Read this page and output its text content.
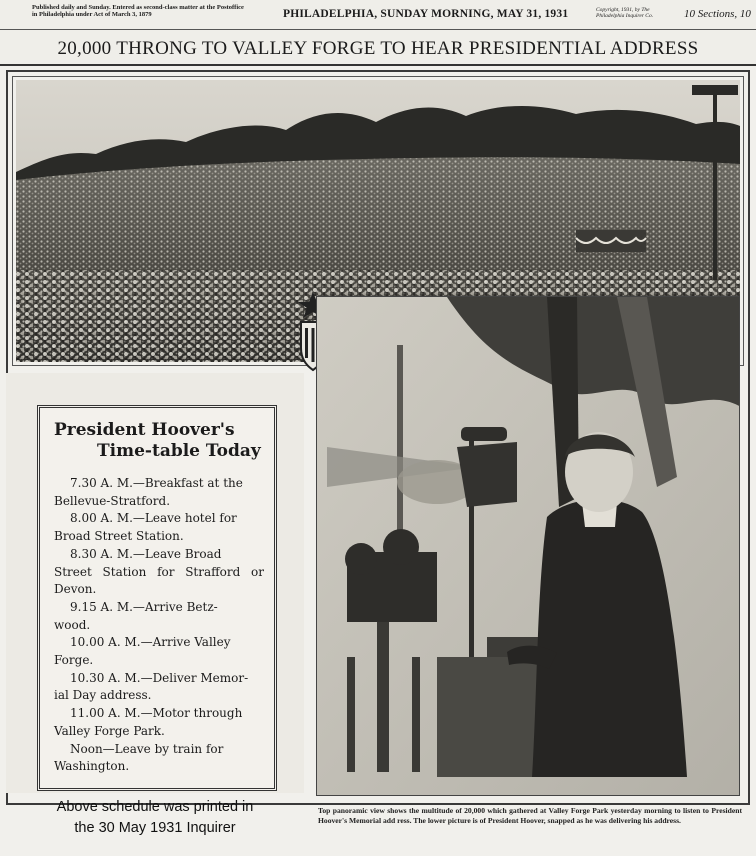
Published daily and Sunday. Entered as second-class matter at the Postoffice in Philadelphia under Act of March 3, 1879	PHILADELPHIA, SUNDAY MORNING, MAY 31, 1931	Copyright, 1931, by The Philadelphia Inquirer Co.	10 Sections, 10
20,000 THRONG TO VALLEY FORGE TO HEAR PRESIDENTIAL ADDRESS
President Hoover's
Time-table Today
7.30 A. M.—Breakfast at the
Bellevue-Stratford.
8.00 A. M.—Leave hotel for
Broad Street Station.
8.30 A. M.—Leave Broad
Street Station for Strafford or Devon.
9.15 A. M.—Arrive Betz-
wood.
10.00 A. M.—Arrive Valley
Forge.
10.30 A. M.—Deliver Memor-
ial Day address.
11.00 A. M.—Motor through
Valley Forge Park.
Noon—Leave by train for
Washington.
Above schedule was printed in
the 30 May 1931 Inquirer
Top panoramic view shows the multitude of 20,000 which gathered at Valley Forge Park yesterday morning to listen to President Hoover's Memorial add ress. The lower picture is of President Hoover, snapped as he was delivering his address.
